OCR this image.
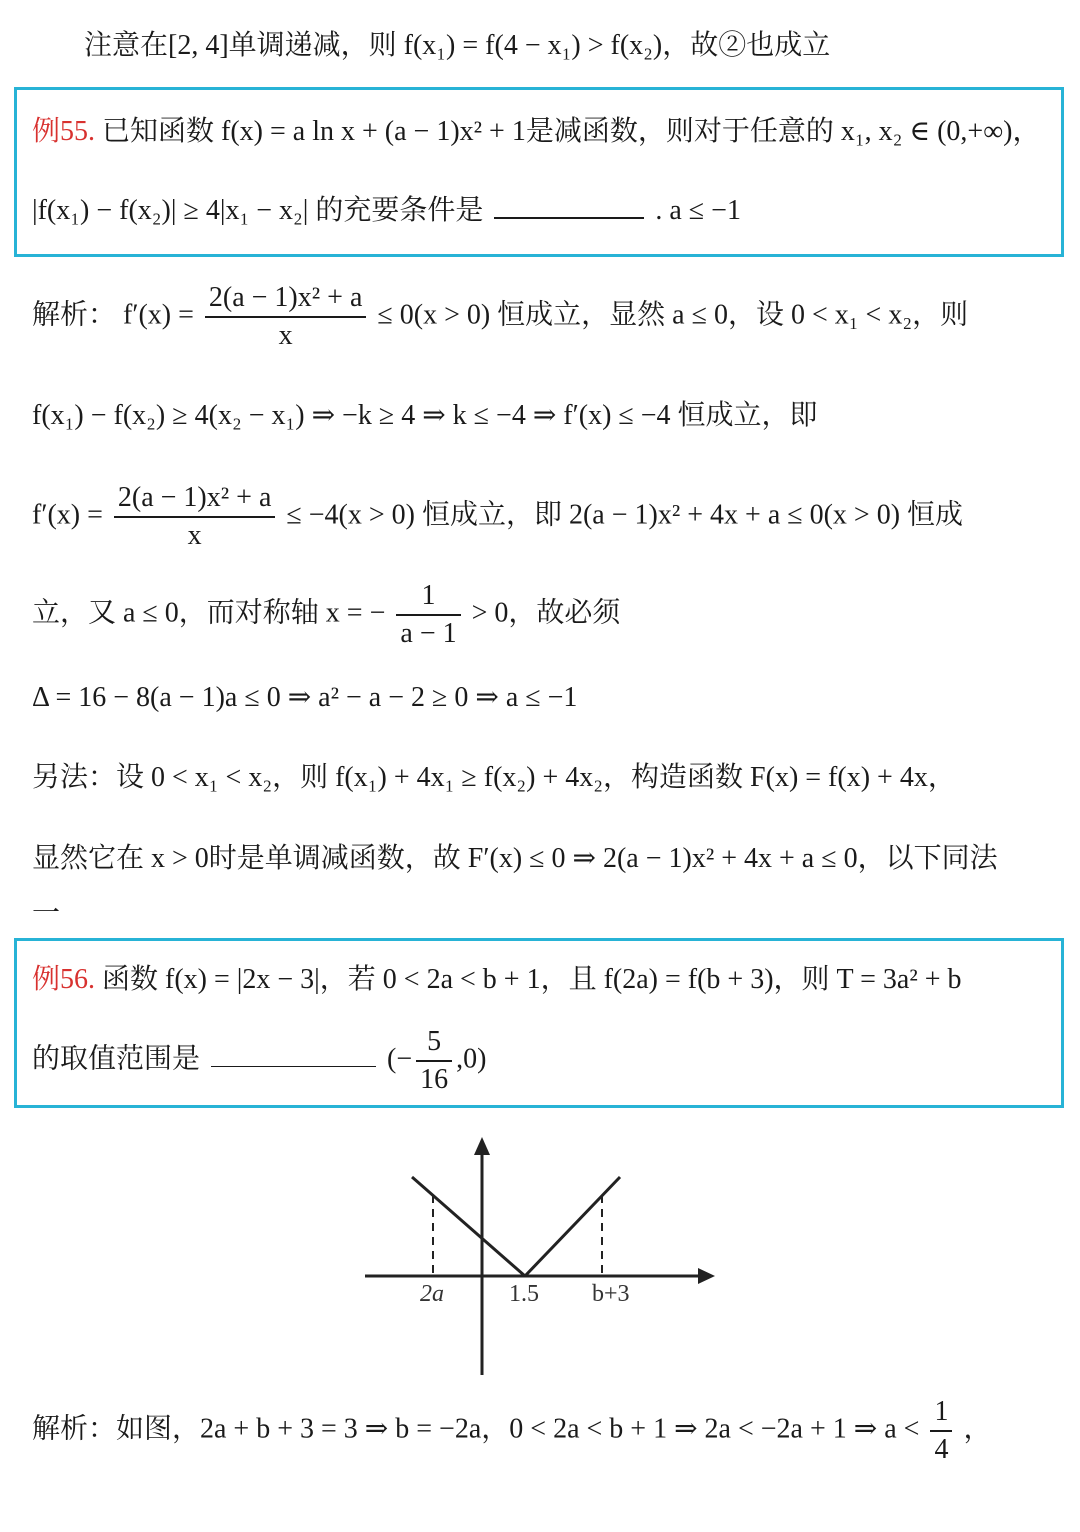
注意在[2, 4]单调递减，则 f(x₁) = f(4 − x₁) > f(x₂)，故②也成立
例55. 已知函数 f(x) = a ln x + (a − 1)x² + 1是减函数，则对于任意的 x₁, x₂ ∈ (0,+∞)，
|f(x₁) − f(x₂)| ≥ 4|x₁ − x₂| 的充要条件是	. a ≤ −1
解析： $f'(x) = \frac{\text{2(a − 1)x² + a}}{x} \le 0(x > 0)$ 恒成立，显然 a ≤ 0，设 0 < x₁ < x₂，则
f(x₁) − f(x₂) ≥ 4(x₂ − x₁) ⇒ −k ≥ 4 ⇒ k ≤ −4 ⇒ f′(x) ≤ −4 恒成立，即
$f'(x) = \frac{\text{2(a − 1)x² + a}}{x} \le -4(x > 0)$ 恒成立，即 2(a − 1)x² + 4x + a ≤ 0(x > 0) 恒成
立，又 a ≤ 0，而对称轴 x = − $\frac{1}{a - 1} > 0$，故必须
Δ = 16 − 8(a − 1)a ≤ 0 ⇒ a² − a − 2 ≥ 0 ⇒ a ≤ −1
另法：设 0 < x₁ < x₂，则 f(x₁) + 4x₁ ≥ f(x₂) + 4x₂，构造函数 F(x) = f(x) + 4x，
显然它在 x > 0时是单调减函数，故 F′(x) ≤ 0 ⇒ 2(a − 1)x² + 4x + a ≤ 0，以下同法
一
例56. 函数 f(x) = |2x − 3|，若 0 < 2a < b + 1，且 f(2a) = f(b + 3)，则 T = 3a² + b
的取值范围是	(− $\frac{5}{16} ,0$)
2a	1.5 b+3
解析：如图，2a + b + 3 = 3 ⇒ b = −2a，0 < 2a < b + 1 ⇒ 2a < −2a + 1 ⇒ $a < \frac{1}{4}$ ，
